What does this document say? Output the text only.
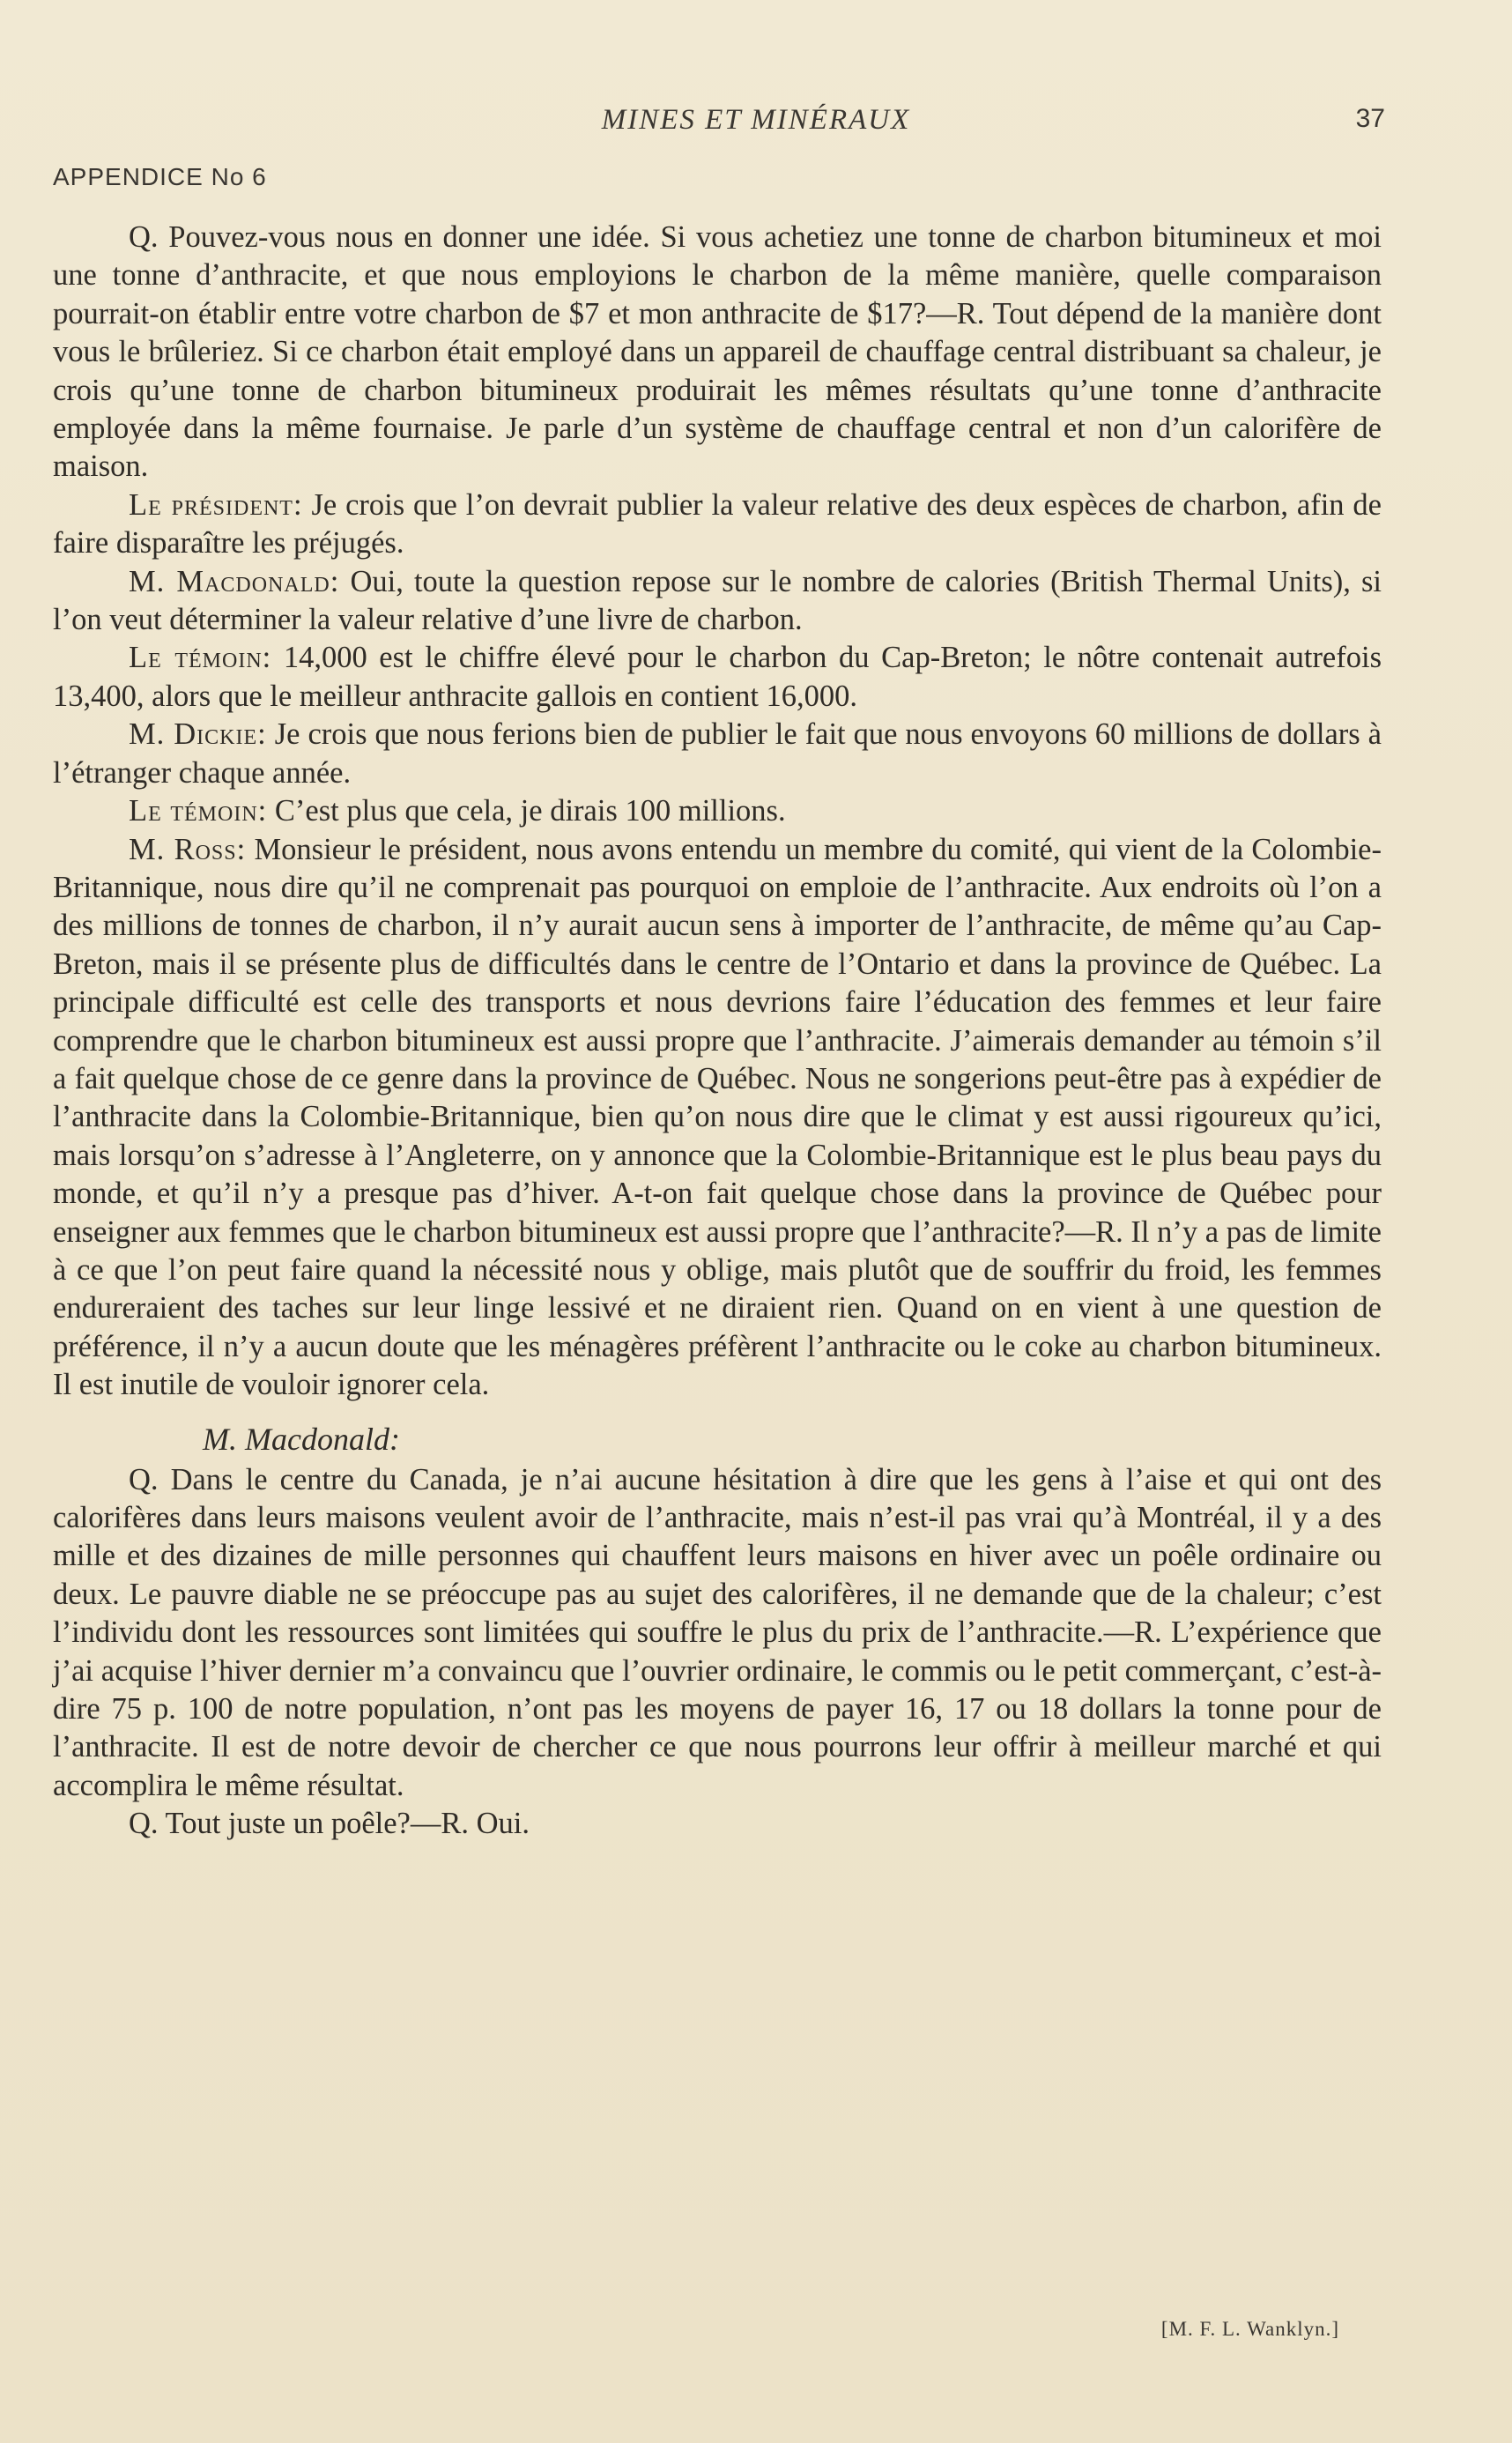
MINES ET MINÉRAUX	37
APPENDICE No 6

Q. Pouvez-vous nous en donner une idée. Si vous achetiez une tonne de charbon bitumineux et moi une tonne d’anthracite, et que nous employions le charbon de la même manière, quelle comparaison pourrait-on établir entre votre charbon de $7 et mon anthracite de $17?—R. Tout dépend de la manière dont vous le brûleriez. Si ce charbon était employé dans un appareil de chauffage central distribuant sa chaleur, je crois qu’une tonne de charbon bitumineux produirait les mêmes résultats qu’une tonne d’anthracite employée dans la même fournaise. Je parle d’un système de chauffage central et non d’un calorifère de maison.

Le président: Je crois que l’on devrait publier la valeur relative des deux espèces de charbon, afin de faire disparaître les préjugés.

M. Macdonald: Oui, toute la question repose sur le nombre de calories (British Thermal Units), si l’on veut déterminer la valeur relative d’une livre de charbon.

Le témoin: 14,000 est le chiffre élevé pour le charbon du Cap-Breton; le nôtre contenait autrefois 13,400, alors que le meilleur anthracite gallois en contient 16,000.

M. Dickie: Je crois que nous ferions bien de publier le fait que nous envoyons 60 millions de dollars à l’étranger chaque année.

Le témoin: C’est plus que cela, je dirais 100 millions.

M. Ross: Monsieur le président, nous avons entendu un membre du comité, qui vient de la Colombie-Britannique, nous dire qu’il ne comprenait pas pourquoi on emploie de l’anthracite. Aux endroits où l’on a des millions de tonnes de charbon, il n’y aurait aucun sens à importer de l’anthracite, de même qu’au Cap-Breton, mais il se présente plus de difficultés dans le centre de l’Ontario et dans la province de Québec. La principale difficulté est celle des transports et nous devrions faire l’éducation des femmes et leur faire comprendre que le charbon bitumineux est aussi propre que l’anthracite. J’aimerais demander au témoin s’il a fait quelque chose de ce genre dans la province de Québec. Nous ne songerions peut-être pas à expédier de l’anthracite dans la Colombie-Britannique, bien qu’on nous dire que le climat y est aussi rigoureux qu’ici, mais lorsqu’on s’adresse à l’Angleterre, on y annonce que la Colombie-Britannique est le plus beau pays du monde, et qu’il n’y a presque pas d’hiver. A-t-on fait quelque chose dans la province de Québec pour enseigner aux femmes que le charbon bitumineux est aussi propre que l’anthracite?—R. Il n’y a pas de limite à ce que l’on peut faire quand la nécessité nous y oblige, mais plutôt que de souffrir du froid, les femmes endureraient des taches sur leur linge lessivé et ne diraient rien. Quand on en vient à une question de préférence, il n’y a aucun doute que les ménagères préfèrent l’anthracite ou le coke au charbon bitumineux. Il est inutile de vouloir ignorer cela.

M. Macdonald:

Q. Dans le centre du Canada, je n’ai aucune hésitation à dire que les gens à l’aise et qui ont des calorifères dans leurs maisons veulent avoir de l’anthracite, mais n’est-il pas vrai qu’à Montréal, il y a des mille et des dizaines de mille personnes qui chauffent leurs maisons en hiver avec un poêle ordinaire ou deux. Le pauvre diable ne se préoccupe pas au sujet des calorifères, il ne demande que de la chaleur; c’est l’individu dont les ressources sont limitées qui souffre le plus du prix de l’anthracite.—R. L’expérience que j’ai acquise l’hiver dernier m’a convaincu que l’ouvrier ordinaire, le commis ou le petit commerçant, c’est-à-dire 75 p. 100 de notre population, n’ont pas les moyens de payer 16, 17 ou 18 dollars la tonne pour de l’anthracite. Il est de notre devoir de chercher ce que nous pourrons leur offrir à meilleur marché et qui accomplira le même résultat.

Q. Tout juste un poêle?—R. Oui.

[M. F. L. Wanklyn.]
